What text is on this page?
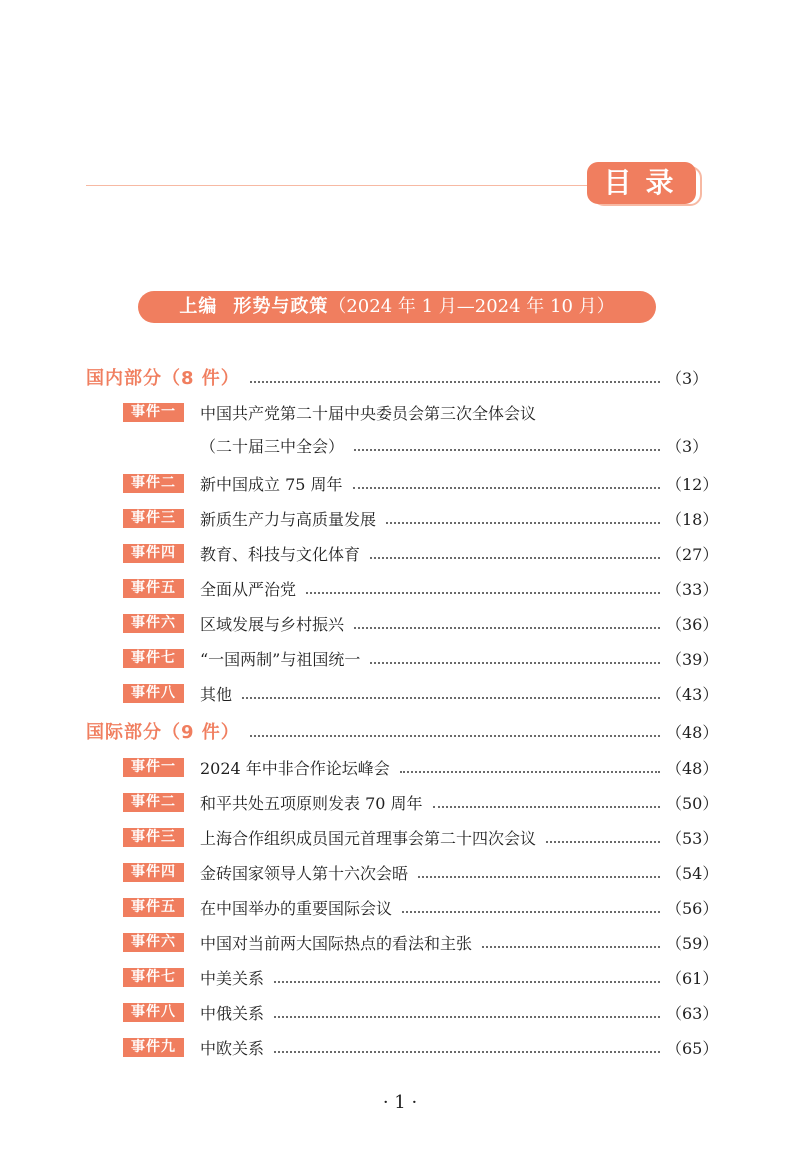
目录
上编 形势与政策（2024 年 1 月—2024 年 10 月）
国内部分（8 件）	（3）
事件一	中国共产党第二十届中央委员会第三次全体会议
（二十届三中全会）	（3）
事件二	新中国成立 75 周年	（12）
事件三	新质生产力与高质量发展	（18）
事件四	教育、科技与文化体育	（27）
事件五	全面从严治党	（33）
事件六	区域发展与乡村振兴	（36）
事件七	“一国两制”与祖国统一	（39）
事件八	其他	（43）
国际部分（9 件）	（48）
事件一	2024 年中非合作论坛峰会	（48）
事件二	和平共处五项原则发表 70 周年	（50）
事件三	上海合作组织成员国元首理事会第二十四次会议	（53）
事件四	金砖国家领导人第十六次会晤	（54）
事件五	在中国举办的重要国际会议	（56）
事件六	中国对当前两大国际热点的看法和主张	（59）
事件七	中美关系	（61）
事件八	中俄关系	（63）
事件九	中欧关系	（65）
· 1 ·
